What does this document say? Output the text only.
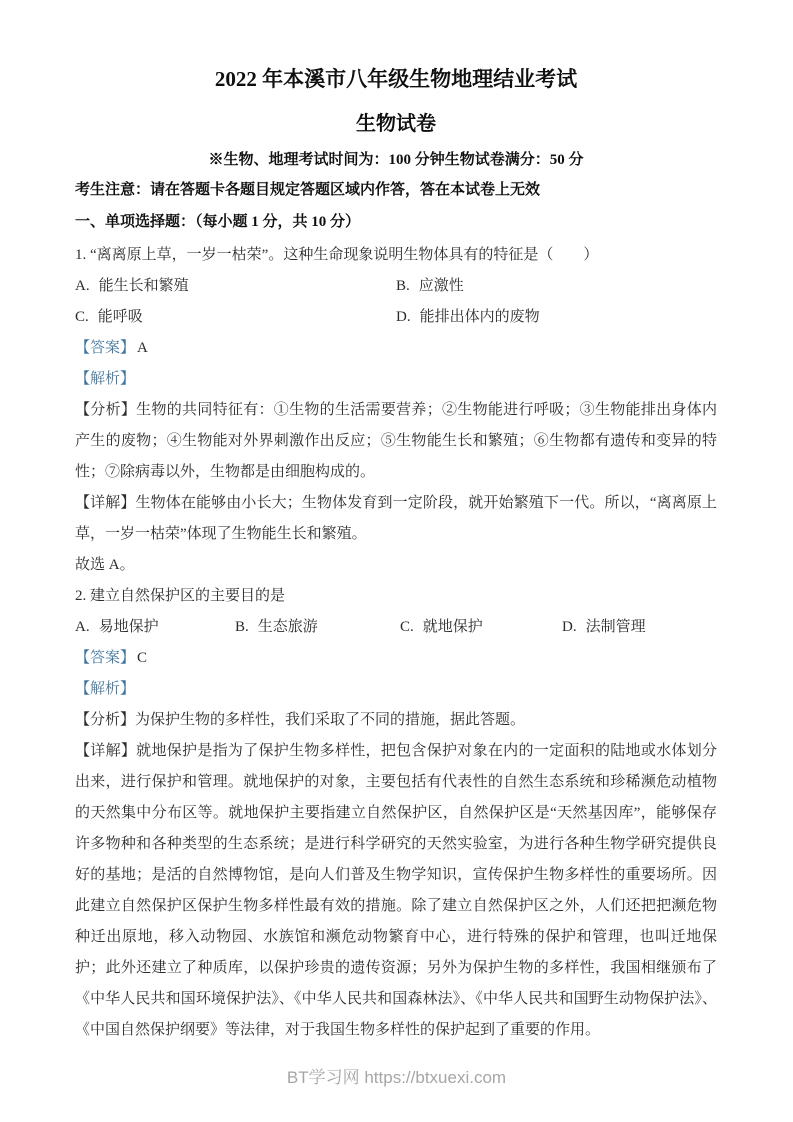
2022 年本溪市八年级生物地理结业考试
生物试卷
※生物、地理考试时间为：100 分钟生物试卷满分：50 分
考生注意：请在答题卡各题目规定答题区域内作答，答在本试卷上无效
一、单项选择题：（每小题 1 分，共 10 分）

1. “离离原上草，一岁一枯荣”。这种生命现象说明生物体具有的特征是（　　）

A. 能生长和繁殖	B. 应激性
C. 能呼吸	D. 能排出体内的废物

【答案】 A

【解析】

【分析】生物的共同特征有：①生物的生活需要营养；②生物能进行呼吸；③生物能排出身体内产生的废物；④生物能对外界刺激作出反应；⑤生物能生长和繁殖；⑥生物都有遗传和变异的特性；⑦除病毒以外，生物都是由细胞构成的。

【详解】生物体在能够由小长大；生物体发育到一定阶段，就开始繁殖下一代。所以，“离离原上草，一岁一枯荣”体现了生物能生长和繁殖。

故选 A。

2. 建立自然保护区的主要目的是

A. 易地保护	B. 生态旅游	C. 就地保护	D. 法制管理

【答案】 C

【解析】

【分析】为保护生物的多样性，我们采取了不同的措施，据此答题。

【详解】就地保护是指为了保护生物多样性，把包含保护对象在内的一定面积的陆地或水体划分出来，进行保护和管理。就地保护的对象，主要包括有代表性的自然生态系统和珍稀濒危动植物的天然集中分布区等。就地保护主要指建立自然保护区，自然保护区是“天然基因库”，能够保存许多物种和各种类型的生态系统；是进行科学研究的天然实验室，为进行各种生物学研究提供良好的基地；是活的自然博物馆，是向人们普及生物学知识，宣传保护生物多样性的重要场所。因此建立自然保护区保护生物多样性最有效的措施。除了建立自然保护区之外，人们还把把濒危物种迁出原地，移入动物园、水族馆和濒危动物繁育中心，进行特殊的保护和管理，也叫迁地保护；此外还建立了种质库，以保护珍贵的遗传资源；另外为保护生物的多样性，我国相继颁布了《中华人民共和国环境保护法》、《中华人民共和国森林法》、《中华人民共和国野生动物保护法》、《中国自然保护纲要》等法律，对于我国生物多样性的保护起到了重要的作用。

BT学习网 https://btxuexi.com
